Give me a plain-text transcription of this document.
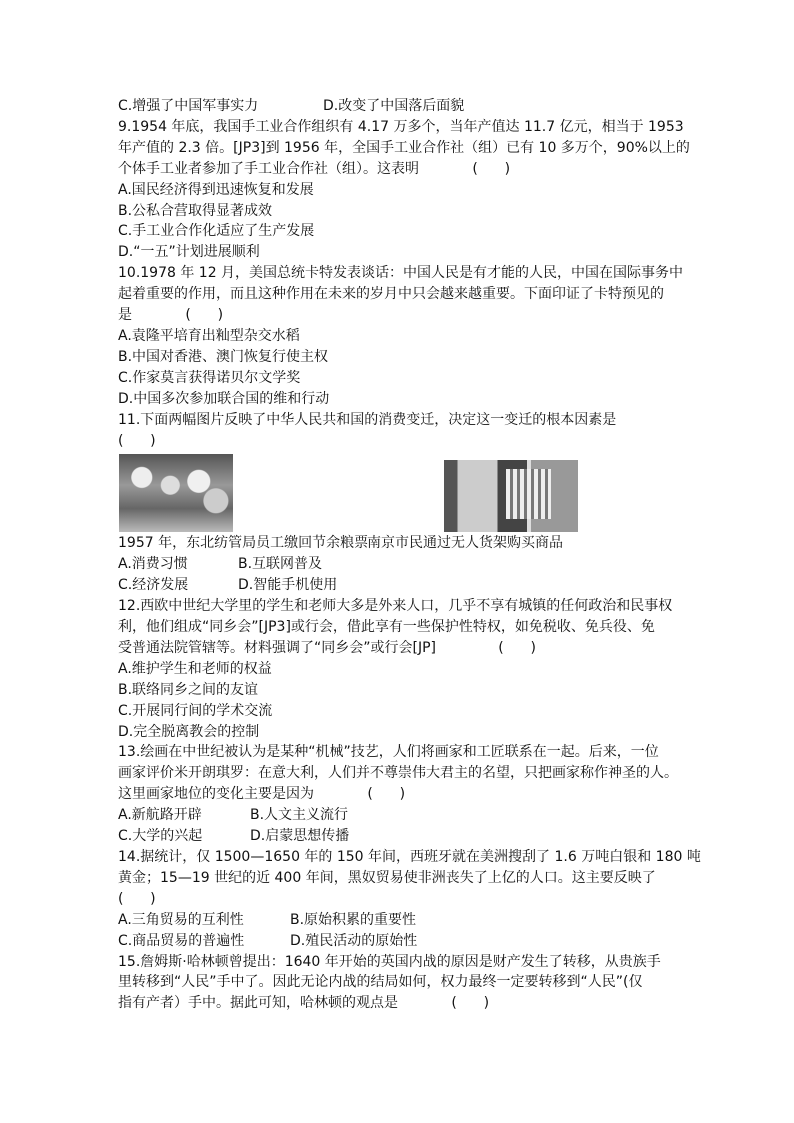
C.增强了中国军事实力	D.改变了中国落后面貌
9.1954 年底，我国手工业合作组织有 4.17 万多个，当年产值达 11.7 亿元，相当于 1953
年产值的 2.3 倍。[JP3]到 1956 年，全国手工业合作社（组）已有 10 多万个，90%以上的
个体手工业者参加了手工业合作社（组）。这表明            (      )
A.国民经济得到迅速恢复和发展
B.公私合营取得显著成效
C.手工业合作化适应了生产发展
D.“一五”计划进展顺利
10.1978 年 12 月，美国总统卡特发表谈话：中国人民是有才能的人民，中国在国际事务中
起着重要的作用，而且这种作用在未来的岁月中只会越来越重要。下面印证了卡特预见的
是            (      )
A.袁隆平培育出籼型杂交水稻
B.中国对香港、澳门恢复行使主权
C.作家莫言获得诺贝尔文学奖
D.中国多次参加联合国的维和行动
11.下面两幅图片反映了中华人民共和国的消费变迁，决定这一变迁的根本因素是
(      )
1957 年，东北纺管局员工缴回节余粮票
南京市民通过无人货架购买商品
A.消费习惯	B.互联网普及
C.经济发展	D.智能手机使用
12.西欧中世纪大学里的学生和老师大多是外来人口，几乎不享有城镇的任何政治和民事权
利，他们组成“同乡会”[JP3]或行会，借此享有一些保护性特权，如免税收、免兵役、免
受普通法院管辖等。材料强调了“同乡会”或行会[JP]              (      )
A.维护学生和老师的权益
B.联络同乡之间的友谊
C.开展同行间的学术交流
D.完全脱离教会的控制
13.绘画在中世纪被认为是某种“机械”技艺，人们将画家和工匠联系在一起。后来，一位
画家评价米开朗琪罗：在意大利，人们并不尊崇伟大君主的名望，只把画家称作神圣的人。
这里画家地位的变化主要是因为            (      )
A.新航路开辟	B.人文主义流行
C.大学的兴起	D.启蒙思想传播
14.据统计，仅 1500—1650 年的 150 年间，西班牙就在美洲搜刮了 1.6 万吨白银和 180 吨
黄金；15—19 世纪的近 400 年间，黑奴贸易使非洲丧失了上亿的人口。这主要反映了
(      )
A.三角贸易的互利性	B.原始积累的重要性
C.商品贸易的普遍性	D.殖民活动的原始性
15.詹姆斯·哈林顿曾提出：1640 年开始的英国内战的原因是财产发生了转移，从贵族手
里转移到“人民”手中了。因此无论内战的结局如何，权力最终一定要转移到“人民”(仅
指有产者）手中。据此可知，哈林顿的观点是            (      )
